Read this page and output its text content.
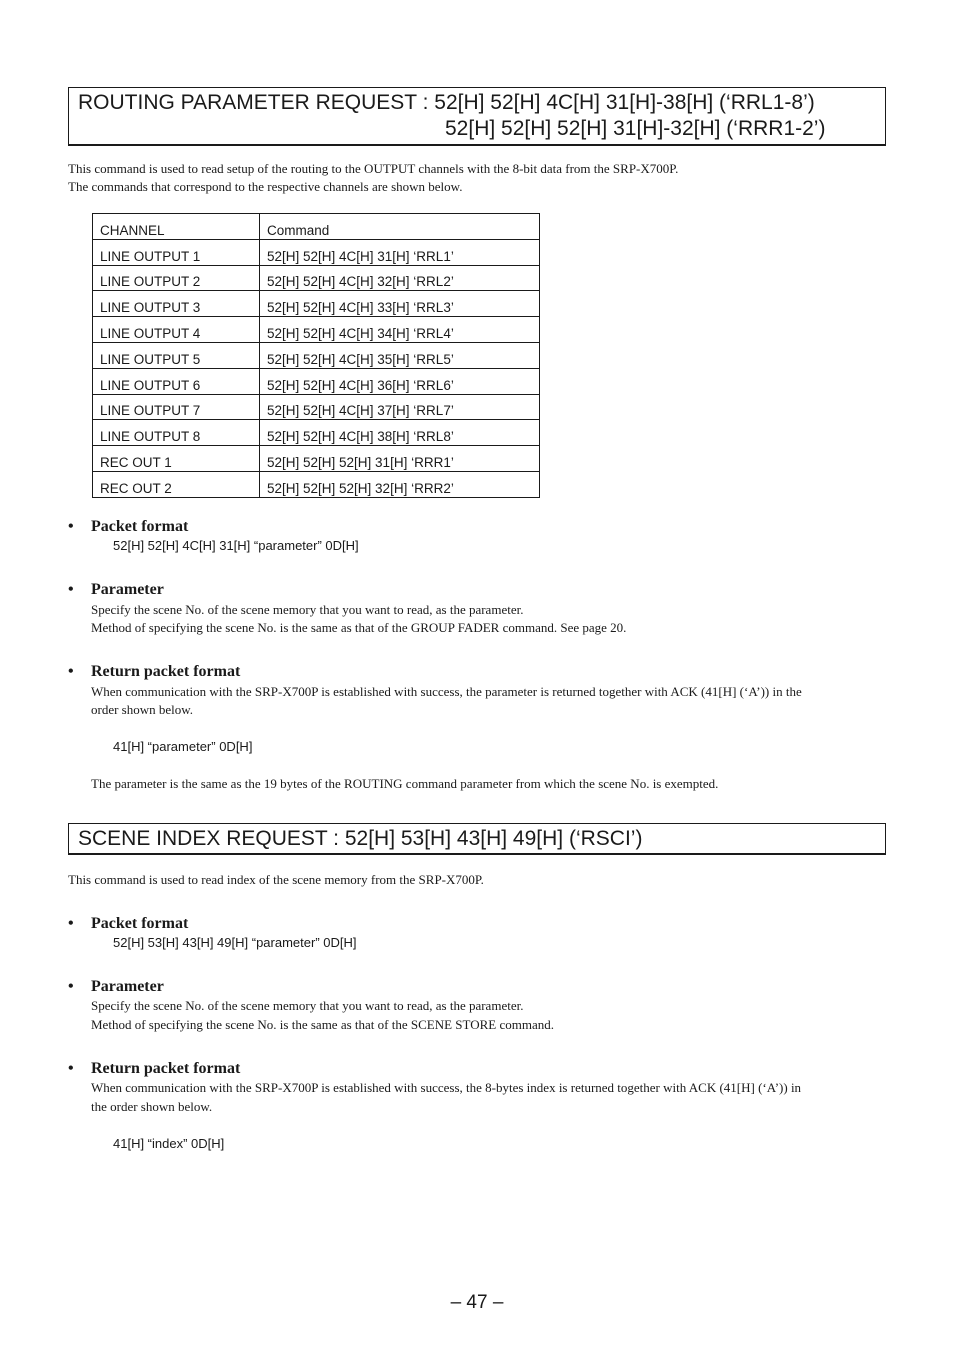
ROUTING PARAMETER REQUEST : 52[H] 52[H] 4C[H] 31[H]-38[H] (‘RRL1-8’)
52[H] 52[H] 52[H] 31[H]-32[H] (‘RRR1-2’)
This command is used to read setup of the routing to the OUTPUT channels with the 8-bit data from the SRP-X700P.
The commands that correspond to the respective channels are shown below.
CHANNEL	Command
LINE OUTPUT 1	52[H] 52[H] 4C[H] 31[H] ‘RRL1’
LINE OUTPUT 2	52[H] 52[H] 4C[H] 32[H] ‘RRL2’
LINE OUTPUT 3	52[H] 52[H] 4C[H] 33[H] ‘RRL3’
LINE OUTPUT 4	52[H] 52[H] 4C[H] 34[H] ‘RRL4’
LINE OUTPUT 5	52[H] 52[H] 4C[H] 35[H] ‘RRL5’
LINE OUTPUT 6	52[H] 52[H] 4C[H] 36[H] ‘RRL6’
LINE OUTPUT 7	52[H] 52[H] 4C[H] 37[H] ‘RRL7’
LINE OUTPUT 8	52[H] 52[H] 4C[H] 38[H] ‘RRL8’
REC OUT 1	52[H] 52[H] 52[H] 31[H] ‘RRR1’
REC OUT 2	52[H] 52[H] 52[H] 32[H] ‘RRR2’
• Packet format
52[H] 52[H] 4C[H] 31[H] “parameter” 0D[H]
• Parameter
Specify the scene No. of the scene memory that you want to read, as the parameter.
Method of specifying the scene No. is the same as that of the GROUP FADER command. See page 20.
• Return packet format
When communication with the SRP-X700P is established with success, the parameter is returned together with ACK (41[H] (‘A’)) in the
order shown below.
41[H] “parameter” 0D[H]
The parameter is the same as the 19 bytes of the ROUTING command parameter from which the scene No. is exempted.
SCENE INDEX REQUEST : 52[H] 53[H] 43[H] 49[H] (‘RSCI’)
This command is used to read index of the scene memory from the SRP-X700P.
• Packet format
52[H] 53[H] 43[H] 49[H] “parameter” 0D[H]
• Parameter
Specify the scene No. of the scene memory that you want to read, as the parameter.
Method of specifying the scene No. is the same as that of the SCENE STORE command.
• Return packet format
When communication with the SRP-X700P is established with success, the 8-bytes index is returned together with ACK (41[H] (‘A’)) in
the order shown below.
41[H] “index” 0D[H]
– 47 –
